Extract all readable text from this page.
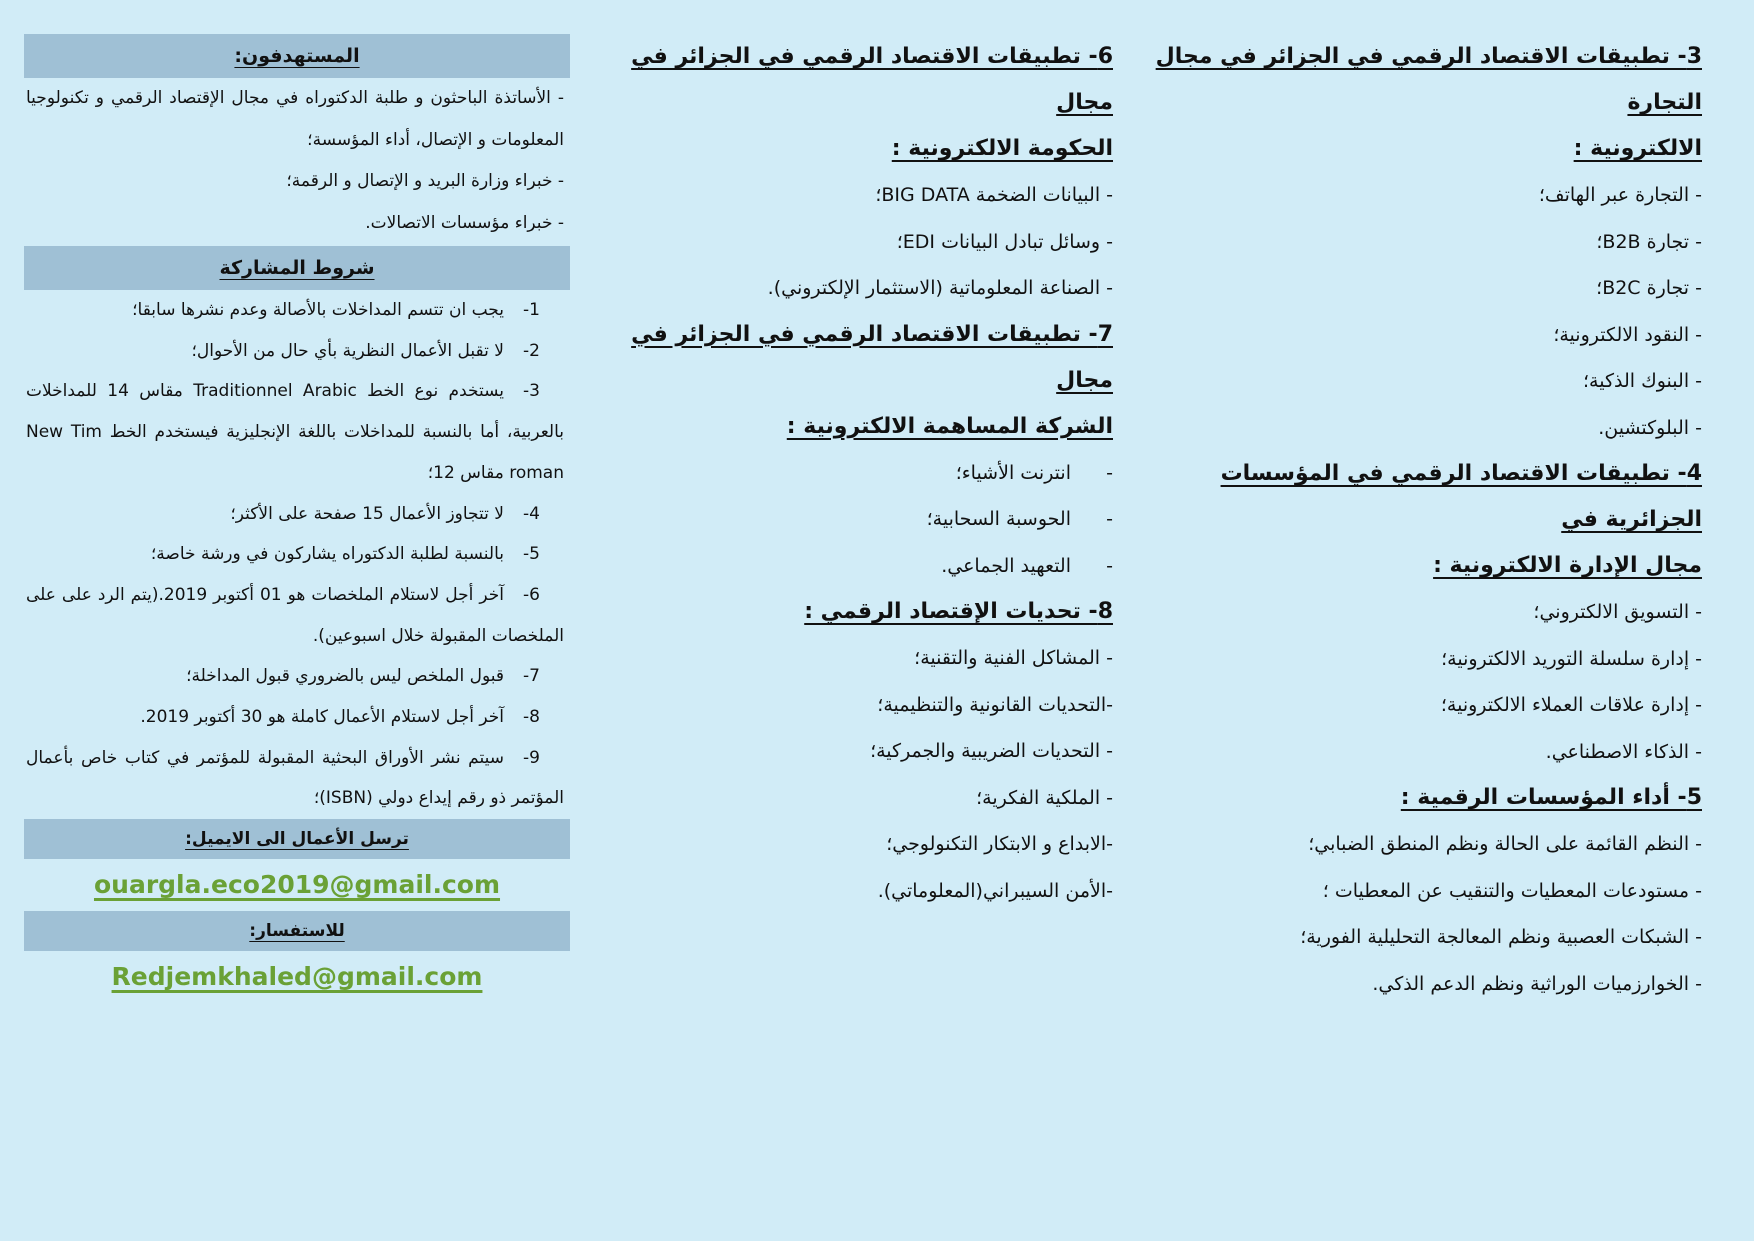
3- تطبيقات الاقتصاد الرقمي في الجزائر في مجال التجارة
الالكترونية :
- التجارة عبر الهاتف؛
- تجارة B2B؛
- تجارة B2C؛
- النقود الالكترونية؛
- البنوك الذكية؛
- البلوكتشين.
4- تطبيقات الاقتصاد الرقمي في المؤسسات الجزائرية في
مجال الإدارة الالكترونية :
- التسويق الالكتروني؛
- إدارة سلسلة التوريد الالكترونية؛
- إدارة علاقات العملاء الالكترونية؛
- الذكاء الاصطناعي.
5- أداء المؤسسات الرقمية :
- النظم القائمة على الحالة ونظم المنطق الضبابي؛
- مستودعات المعطيات والتنقيب عن المعطيات ؛
- الشبكات العصبية ونظم المعالجة التحليلية الفورية؛
- الخوارزميات الوراثية ونظم الدعم الذكي.
6- تطبيقات الاقتصاد الرقمي في الجزائر في مجال
الحكومة الالكترونية :
- البيانات الضخمة BIG DATA؛
- وسائل تبادل البيانات EDI؛
- الصناعة المعلوماتية (الاستثمار الإلكتروني).
7- تطبيقات الاقتصاد الرقمي في الجزائر في مجال
الشركة المساهمة الالكترونية :
-انترنت الأشياء؛
-الحوسبة السحابية؛
-التعهيد الجماعي.
8- تحديات الإقتصاد الرقمي :
- المشاكل الفنية والتقنية؛
-التحديات القانونية والتنظيمية؛
- التحديات الضريبية والجمركية؛
- الملكية الفكرية؛
-الابداع و الابتكار التكنولوجي؛
-الأمن السيبراني(المعلوماتي).
المستهدفون:
- الأساتذة الباحثون و طلبة الدكتوراه في مجال الإقتصاد الرقمي و تكنولوجيا المعلومات و الإتصال، أداء المؤسسة؛
- خبراء وزارة البريد و الإتصال و الرقمة؛
- خبراء مؤسسات الاتصالات.
شروط المشاركة
-1يجب ان تتسم المداخلات بالأصالة وعدم نشرها سابقا؛
-2لا تقبل الأعمال النظرية بأي حال من الأحوال؛
-3يستخدم نوع الخط Traditionnel Arabic مقاس 14 للمداخلات بالعربية، أما بالنسبة للمداخلات باللغة الإنجليزية فيستخدم الخط New Tim roman مقاس 12؛
-4لا تتجاوز الأعمال 15 صفحة على الأكثر؛
-5بالنسبة لطلبة الدكتوراه يشاركون في ورشة خاصة؛
-6آخر أجل لاستلام الملخصات هو 01 أكتوبر 2019.(يتم الرد على على الملخصات المقبولة خلال اسبوعين).
-7قبول الملخص ليس بالضروري قبول المداخلة؛
-8آخر أجل لاستلام الأعمال كاملة هو 30 أكتوبر 2019.
-9سيتم نشر الأوراق البحثية المقبولة للمؤتمر في كتاب خاص بأعمال المؤتمر ذو رقم إيداع دولي (ISBN)؛
ترسل الأعمال الى الايميل:
ouargla.eco2019@gmail.com
للاستفسار:
Redjemkhaled@gmail.com
